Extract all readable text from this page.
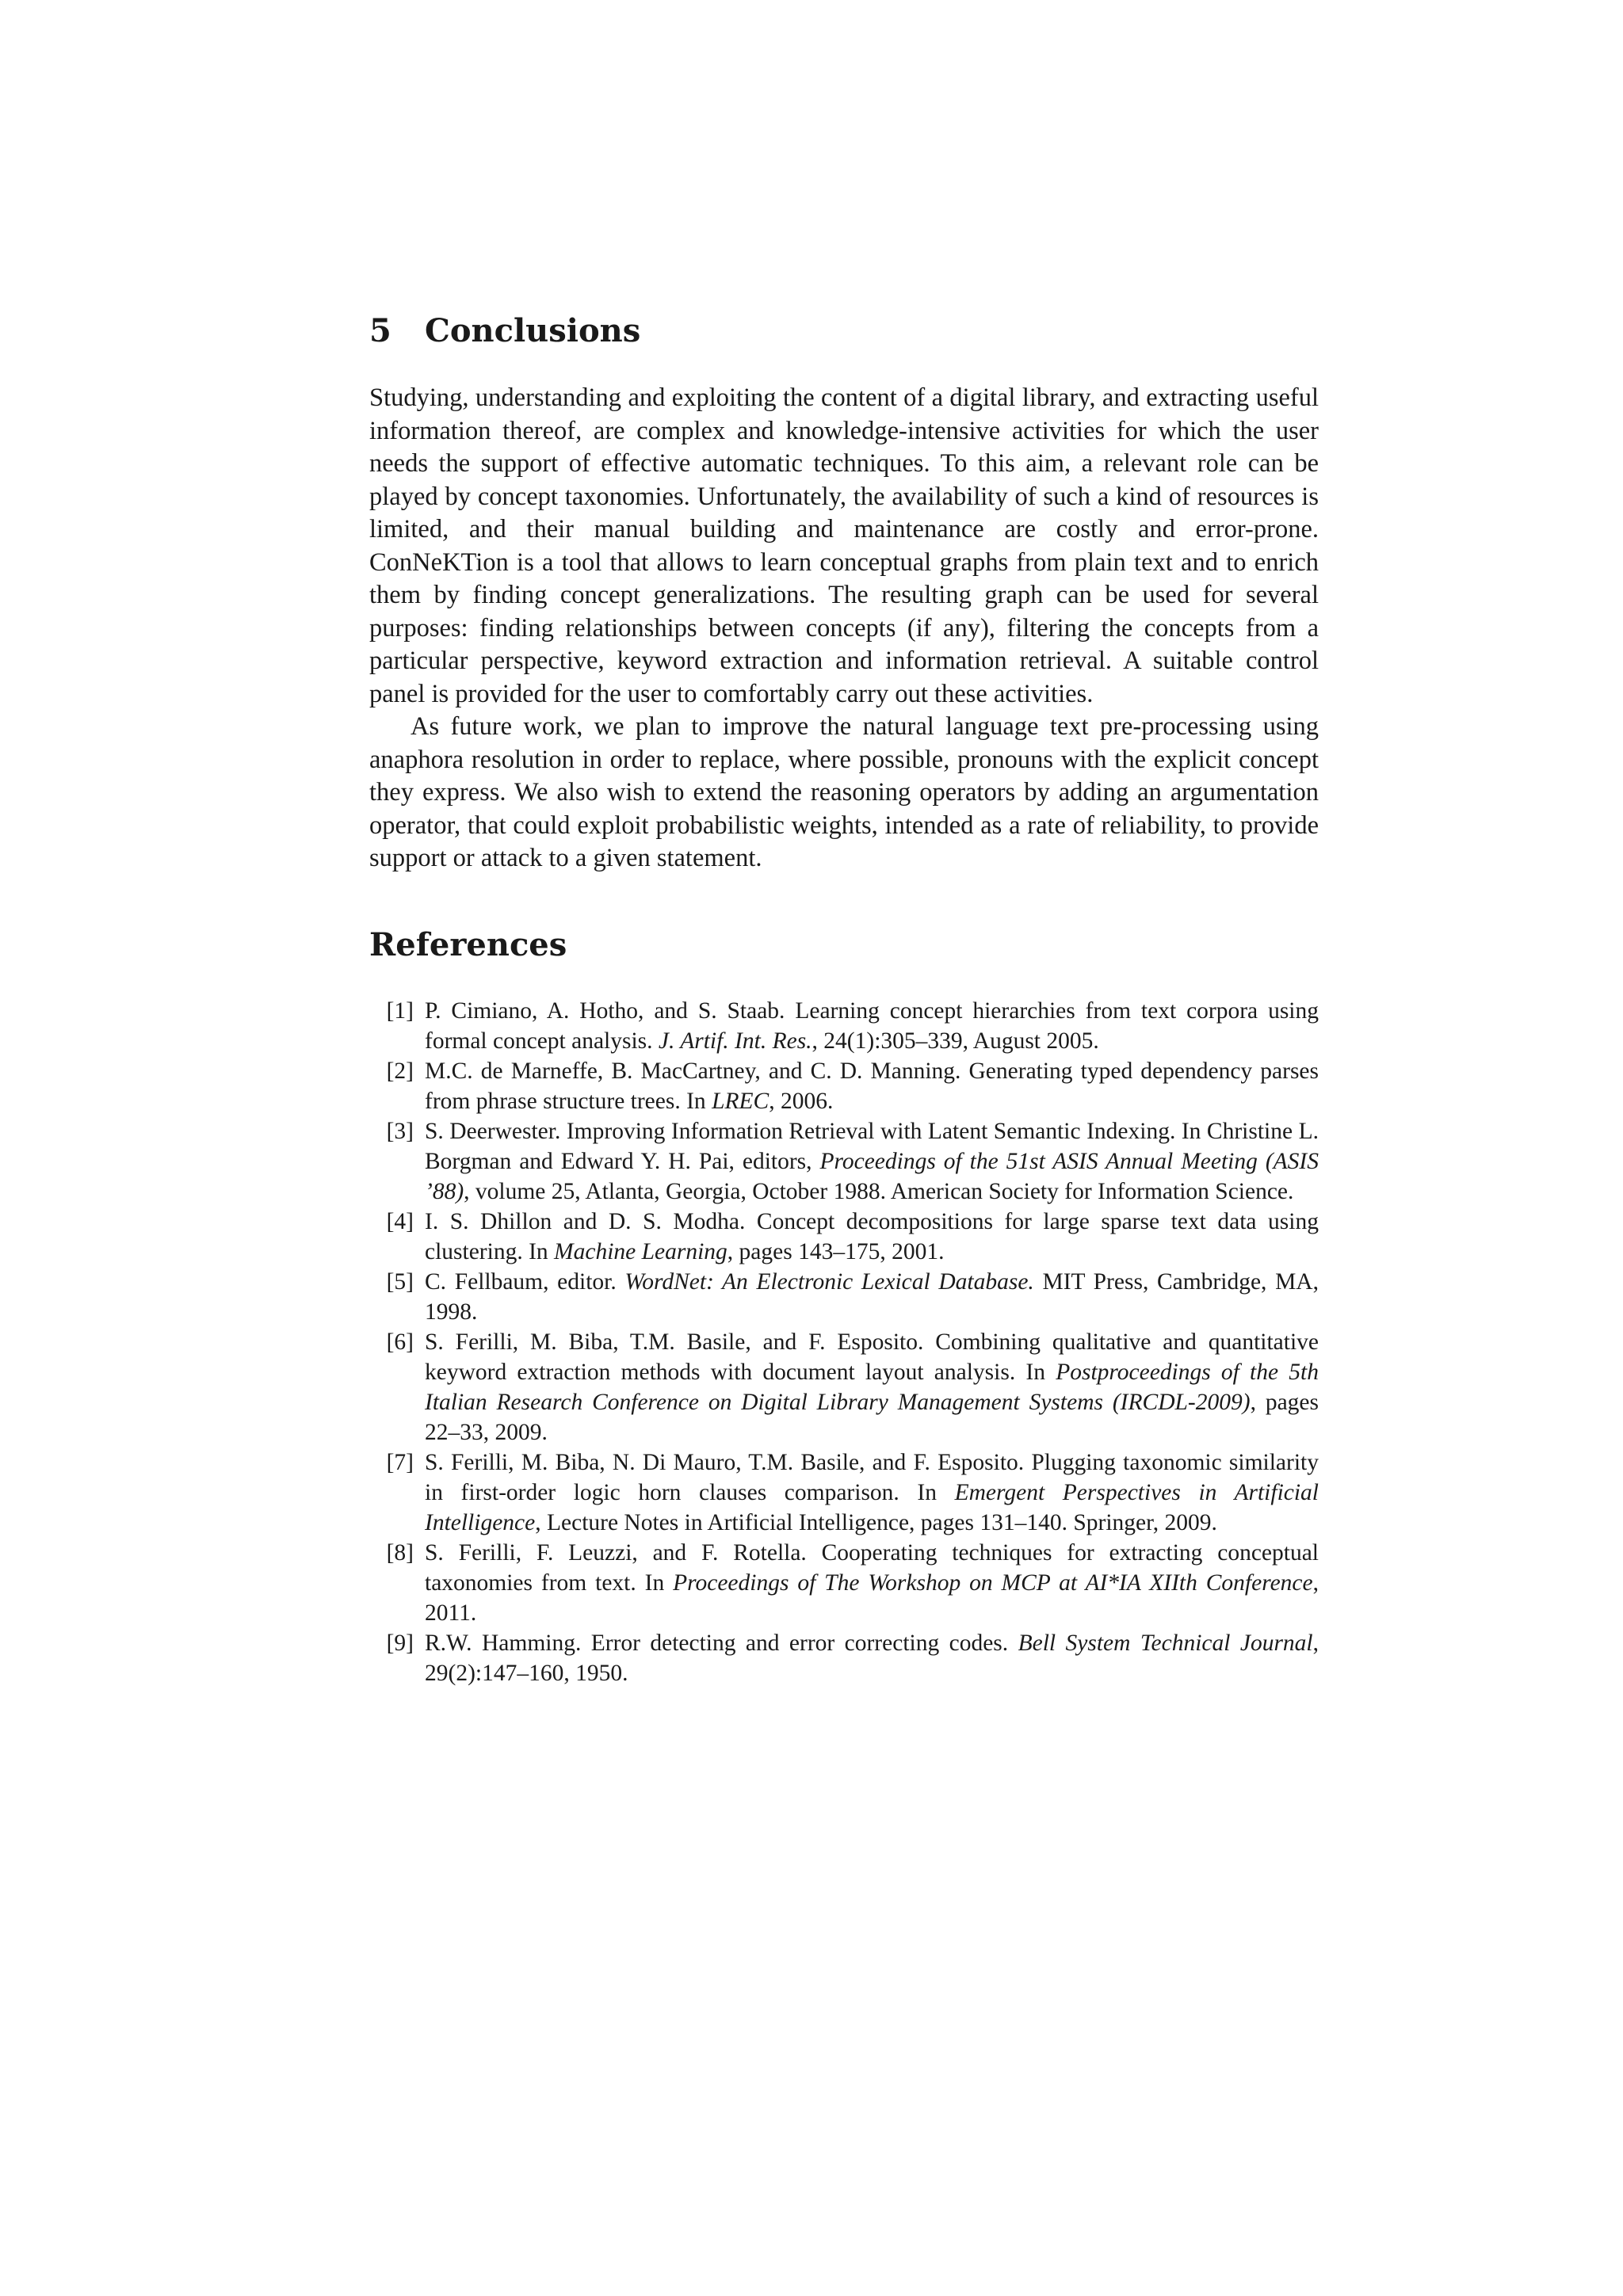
5	Conclusions

Studying, understanding and exploiting the content of a digital library, and extracting useful information thereof, are complex and knowledge-intensive activities for which the user needs the support of effective automatic techniques. To this aim, a relevant role can be played by concept taxonomies. Unfortunately, the availability of such a kind of resources is limited, and their manual building and maintenance are costly and error-prone. ConNeKTion is a tool that allows to learn conceptual graphs from plain text and to enrich them by finding concept generalizations. The resulting graph can be used for several purposes: finding relationships between concepts (if any), filtering the concepts from a particular perspective, keyword extraction and information retrieval. A suitable control panel is provided for the user to comfortably carry out these activities.

As future work, we plan to improve the natural language text pre-processing using anaphora resolution in order to replace, where possible, pronouns with the explicit concept they express. We also wish to extend the reasoning operators by adding an argumentation operator, that could exploit probabilistic weights, intended as a rate of reliability, to provide support or attack to a given statement.

References
[1] P. Cimiano, A. Hotho, and S. Staab. Learning concept hierarchies from text corpora using formal concept analysis. J. Artif. Int. Res., 24(1):305–339, August 2005.
[2] M.C. de Marneffe, B. MacCartney, and C. D. Manning. Generating typed dependency parses from phrase structure trees. In LREC, 2006.
[3] S. Deerwester. Improving Information Retrieval with Latent Semantic Indexing. In Christine L. Borgman and Edward Y. H. Pai, editors, Proceedings of the 51st ASIS Annual Meeting (ASIS ’88), volume 25, Atlanta, Georgia, October 1988. American Society for Information Science.
[4] I. S. Dhillon and D. S. Modha. Concept decompositions for large sparse text data using clustering. In Machine Learning, pages 143–175, 2001.
[5] C. Fellbaum, editor. WordNet: An Electronic Lexical Database. MIT Press, Cambridge, MA, 1998.
[6] S. Ferilli, M. Biba, T.M. Basile, and F. Esposito. Combining qualitative and quantitative keyword extraction methods with document layout analysis. In Postproceedings of the 5th Italian Research Conference on Digital Library Management Systems (IRCDL-2009), pages 22–33, 2009.
[7] S. Ferilli, M. Biba, N. Di Mauro, T.M. Basile, and F. Esposito. Plugging taxonomic similarity in first-order logic horn clauses comparison. In Emergent Perspectives in Artificial Intelligence, Lecture Notes in Artificial Intelligence, pages 131–140. Springer, 2009.
[8] S. Ferilli, F. Leuzzi, and F. Rotella. Cooperating techniques for extracting conceptual taxonomies from text. In Proceedings of The Workshop on MCP at AI*IA XIIth Conference, 2011.
[9] R.W. Hamming. Error detecting and error correcting codes. Bell System Technical Journal, 29(2):147–160, 1950.
